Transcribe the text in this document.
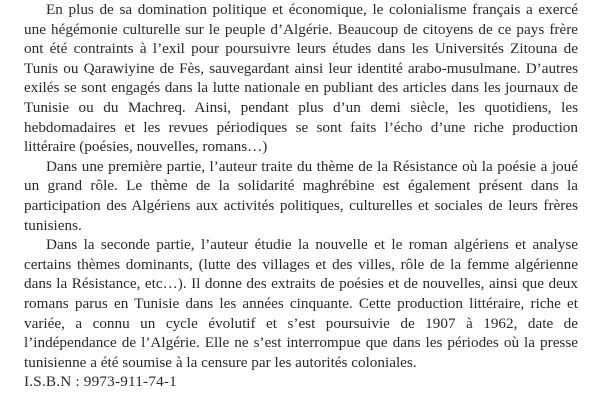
En plus de sa domination politique et économique, le colonialisme français a exercé une hégémonie culturelle sur le peuple d’Algérie. Beaucoup de citoyens de ce pays frère ont été contraints à l’exil pour poursuivre leurs études dans les Universités Zitouna de Tunis ou Qarawiyine de Fès, sauvegardant ainsi leur identité arabo-musulmane. D’autres exilés se sont engagés dans la lutte nationale en publiant des articles dans les journaux de Tunisie ou du Machreq. Ainsi, pendant plus d’un demi siècle, les quotidiens, les hebdomadaires et les revues périodiques se sont faits l’écho d’une riche production littéraire (poésies, nouvelles, romans…)

Dans une première partie, l’auteur traite du thème de la Résistance où la poésie a joué un grand rôle. Le thème de la solidarité maghrébine est également présent dans la participation des Algériens aux activités politiques, culturelles et sociales de leurs frères tunisiens.

Dans la seconde partie, l’auteur étudie la nouvelle et le roman algériens et analyse certains thèmes dominants, (lutte des villages et des villes, rôle de la femme algérienne dans la Résistance, etc…). Il donne des extraits de poésies et de nouvelles, ainsi que deux romans parus en Tunisie dans les années cinquante. Cette production littéraire, riche et variée, a connu un cycle évolutif et s’est poursuivie de 1907 à 1962, date de l’indépendance de l’Algérie. Elle ne s’est interrompue que dans les périodes où la presse tunisienne a été soumise à la censure par les autorités coloniales.

I.S.B.N : 9973-911-74-1
